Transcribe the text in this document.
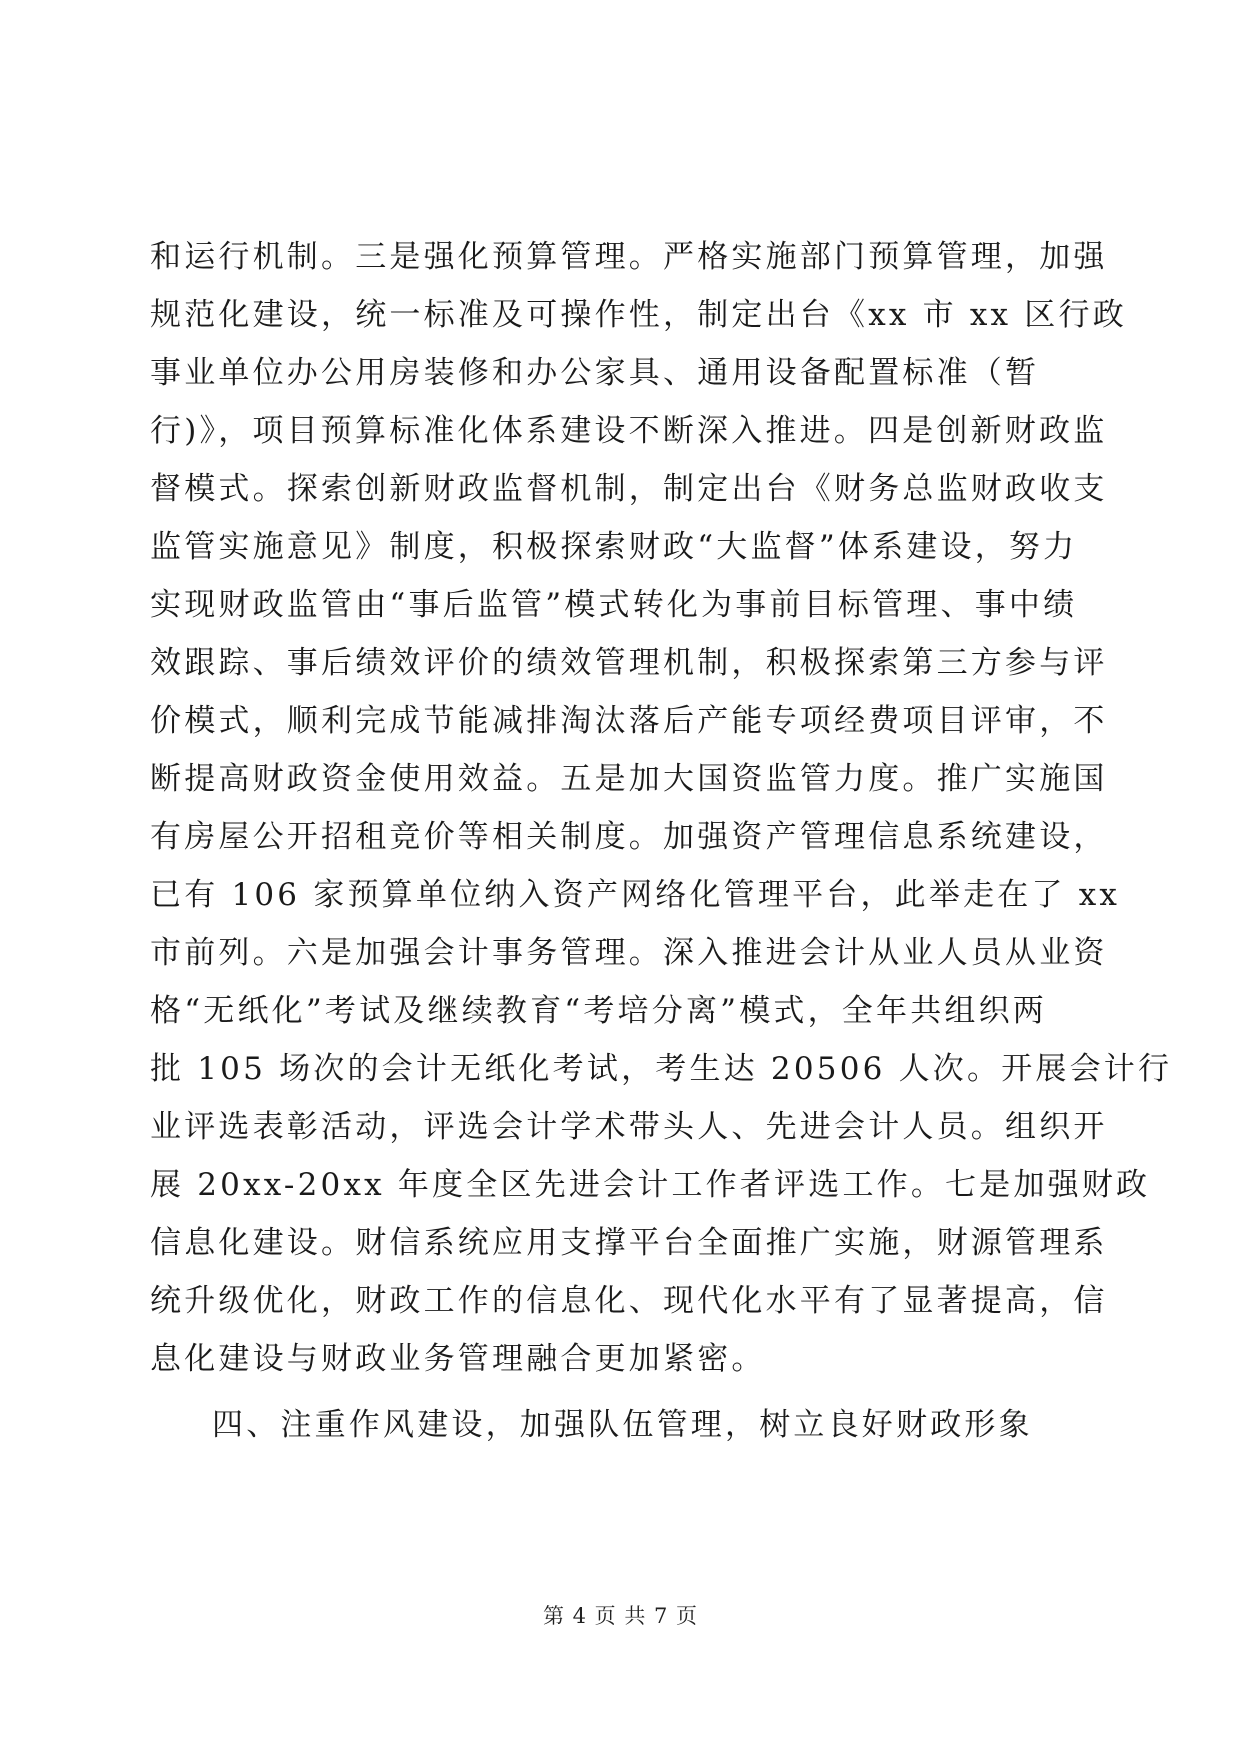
和运行机制。三是强化预算管理。严格实施部门预算管理，加强
规范化建设，统一标准及可操作性，制定出台《xx 市 xx 区行政
事业单位办公用房装修和办公家具、通用设备配置标准（暂
行)》，项目预算标准化体系建设不断深入推进。四是创新财政监
督模式。探索创新财政监督机制，制定出台《财务总监财政收支
监管实施意见》制度，积极探索财政“大监督”体系建设，努力
实现财政监管由“事后监管”模式转化为事前目标管理、事中绩
效跟踪、事后绩效评价的绩效管理机制，积极探索第三方参与评
价模式，顺利完成节能减排淘汰落后产能专项经费项目评审，不
断提高财政资金使用效益。五是加大国资监管力度。推广实施国
有房屋公开招租竞价等相关制度。加强资产管理信息系统建设，
已有 106 家预算单位纳入资产网络化管理平台，此举走在了 xx
市前列。六是加强会计事务管理。深入推进会计从业人员从业资
格“无纸化”考试及继续教育“考培分离”模式，全年共组织两
批 105 场次的会计无纸化考试，考生达 20506 人次。开展会计行
业评选表彰活动，评选会计学术带头人、先进会计人员。组织开
展 20xx-20xx 年度全区先进会计工作者评选工作。七是加强财政
信息化建设。财信系统应用支撑平台全面推广实施，财源管理系
统升级优化，财政工作的信息化、现代化水平有了显著提高，信
息化建设与财政业务管理融合更加紧密。
四、注重作风建设，加强队伍管理，树立良好财政形象
第 4 页 共 7 页
